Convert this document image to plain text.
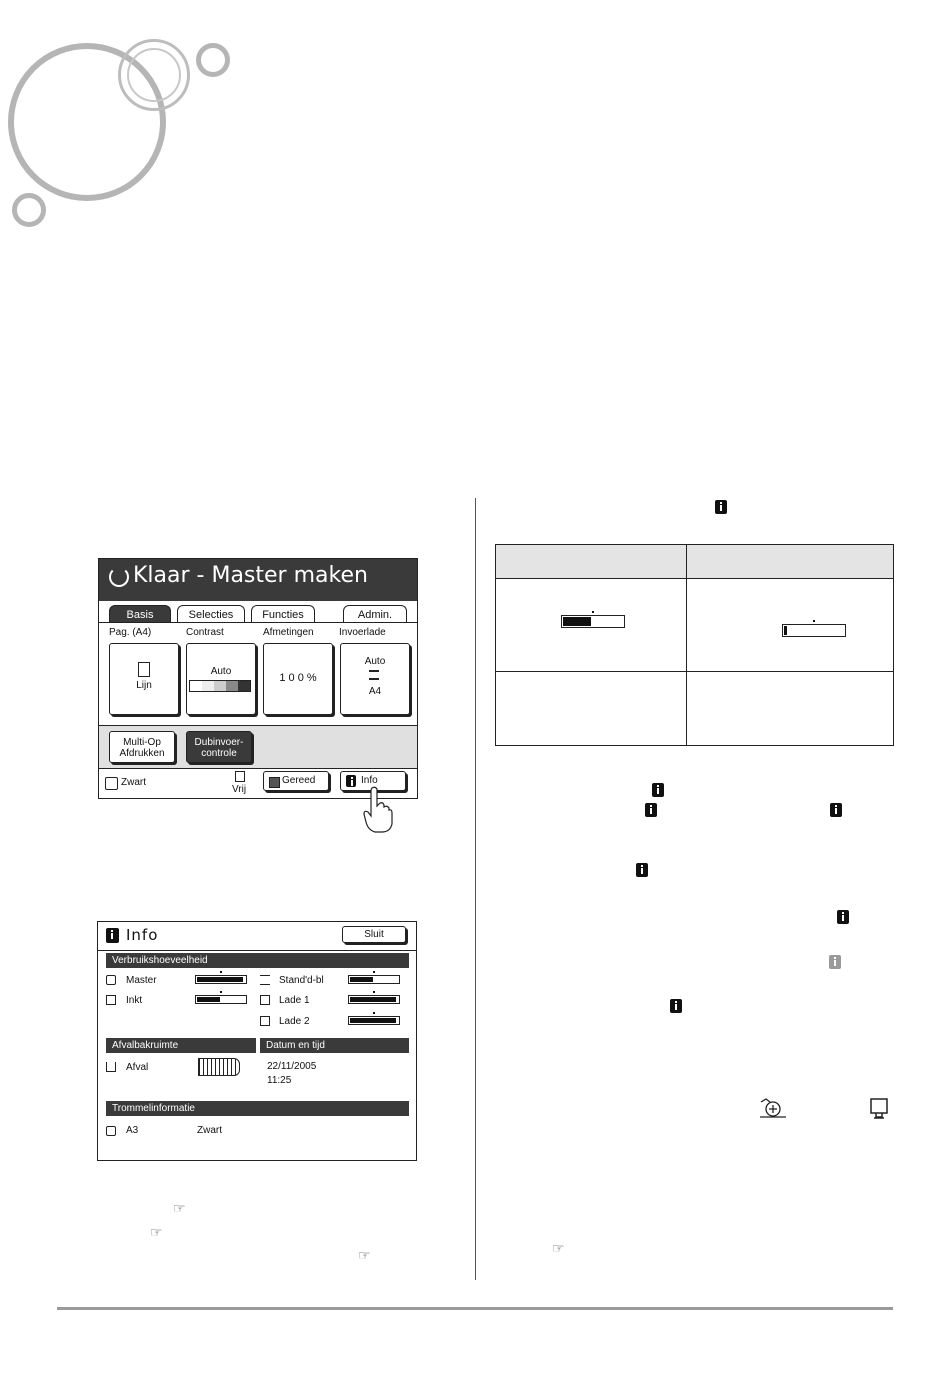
Klaar - Master maken
Basis	Selecties	Functies	Admin.
Pag. (A4)	Contrast	Afmetingen	Invoerlade
Lijn
Auto
1 0 0 %
Auto
A4
Multi-Op
Afdrukken
Dubinvoer-
controle
Zwart
Vrij
Gereed	Info
Info	Sluit
Verbruikshoeveelheid
Master
Inkt
Stand'd-bl
Lade 1
Lade 2
Afvalbakruimte	Datum en tijd
Afval	22/11/2005
11:25
Trommelinformatie
A3	Zwart
☞
☞
☞	☞
